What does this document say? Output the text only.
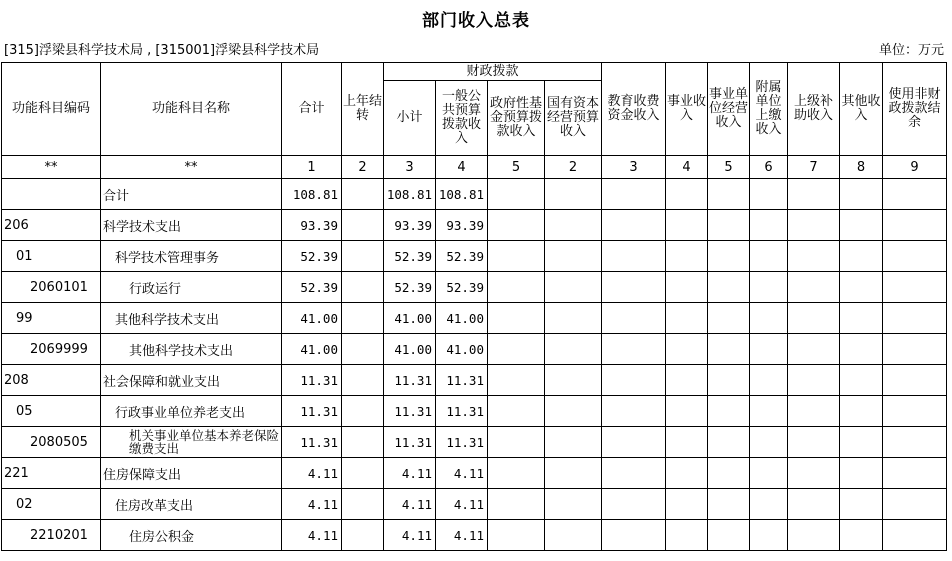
部门收入总表
[315]浮梁县科学技术局 , [315001]浮梁县科学技术局	单位：万元
功能科目编码	功能科目名称	合计	上年结转	财政拨款				教育收费资金收入	事业收入	事业单位经营收入	附属单位上缴收入	上级补助收入	其他收入	使用非财政拨款结余
				小计	一般公共预算拨款收入	政府性基金预算拨款收入	国有资本经营预算收入							
**	**	1	2	3	4	5	2	3	4	5	6	7	8	9
	合计	108.81		108.81	108.81									
206	科学技术支出	93.39		93.39	93.39									
01	科学技术管理事务	52.39		52.39	52.39									
2060101	行政运行	52.39		52.39	52.39									
99	其他科学技术支出	41.00		41.00	41.00									
2069999	其他科学技术支出	41.00		41.00	41.00									
208	社会保障和就业支出	11.31		11.31	11.31									
05	行政事业单位养老支出	11.31		11.31	11.31									
2080505	机关事业单位基本养老保险缴费支出	11.31		11.31	11.31									
221	住房保障支出	4.11		4.11	4.11									
02	住房改革支出	4.11		4.11	4.11									
2210201	住房公积金	4.11		4.11	4.11									
